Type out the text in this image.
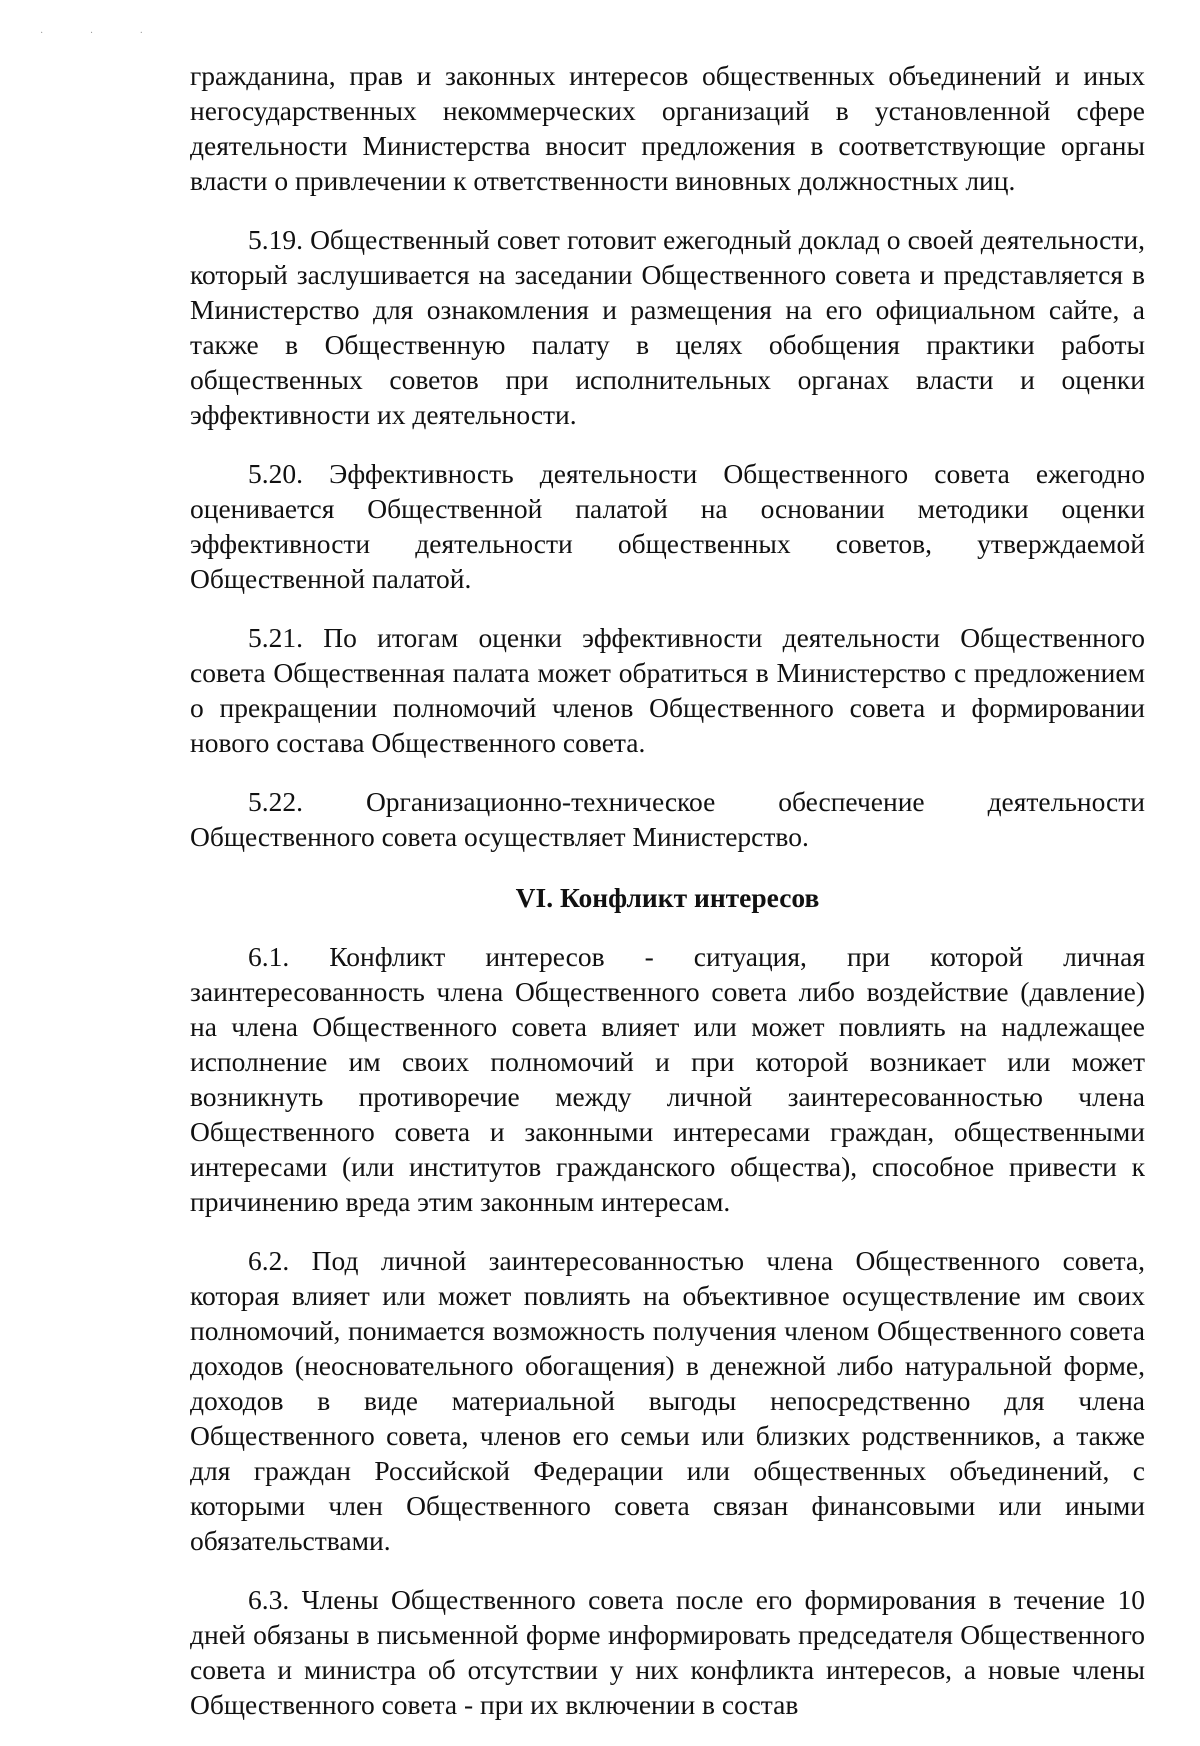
· · ·

гражданина, прав и законных интересов общественных объединений и иных негосударственных некоммерческих организаций в установленной сфере деятельности Министерства вносит предложения в соответствующие органы власти о привлечении к ответственности виновных должностных лиц.

5.19. Общественный совет готовит ежегодный доклад о своей деятельности, который заслушивается на заседании Общественного совета и представляется в Министерство для ознакомления и размещения на его официальном сайте, а также в Общественную палату в целях обобщения практики работы общественных советов при исполнительных органах власти и оценки эффективности их деятельности.

5.20. Эффективность деятельности Общественного совета ежегодно оценивается Общественной палатой на основании методики оценки эффективности деятельности общественных советов, утверждаемой Общественной палатой.

5.21. По итогам оценки эффективности деятельности Общественного совета Общественная палата может обратиться в Министерство с предложением о прекращении полномочий членов Общественного совета и формировании нового состава Общественного совета.

5.22. Организационно-техническое обеспечение деятельности Общественного совета осуществляет Министерство.

VI. Конфликт интересов

6.1. Конфликт интересов - ситуация, при которой личная заинтересованность члена Общественного совета либо воздействие (давление) на члена Общественного совета влияет или может повлиять на надлежащее исполнение им своих полномочий и при которой возникает или может возникнуть противоречие между личной заинтересованностью члена Общественного совета и законными интересами граждан, общественными интересами (или институтов гражданского общества), способное привести к причинению вреда этим законным интересам.

6.2. Под личной заинтересованностью члена Общественного совета, которая влияет или может повлиять на объективное осуществление им своих полномочий, понимается возможность получения членом Общественного совета доходов (неосновательного обогащения) в денежной либо натуральной форме, доходов в виде материальной выгоды непосредственно для члена Общественного совета, членов его семьи или близких родственников, а также для граждан Российской Федерации или общественных объединений, с которыми член Общественного совета связан финансовыми или иными обязательствами.

6.3. Члены Общественного совета после его формирования в течение 10 дней обязаны в письменной форме информировать председателя Общественного совета и министра об отсутствии у них конфликта интересов, а новые члены Общественного совета - при их включении в состав
